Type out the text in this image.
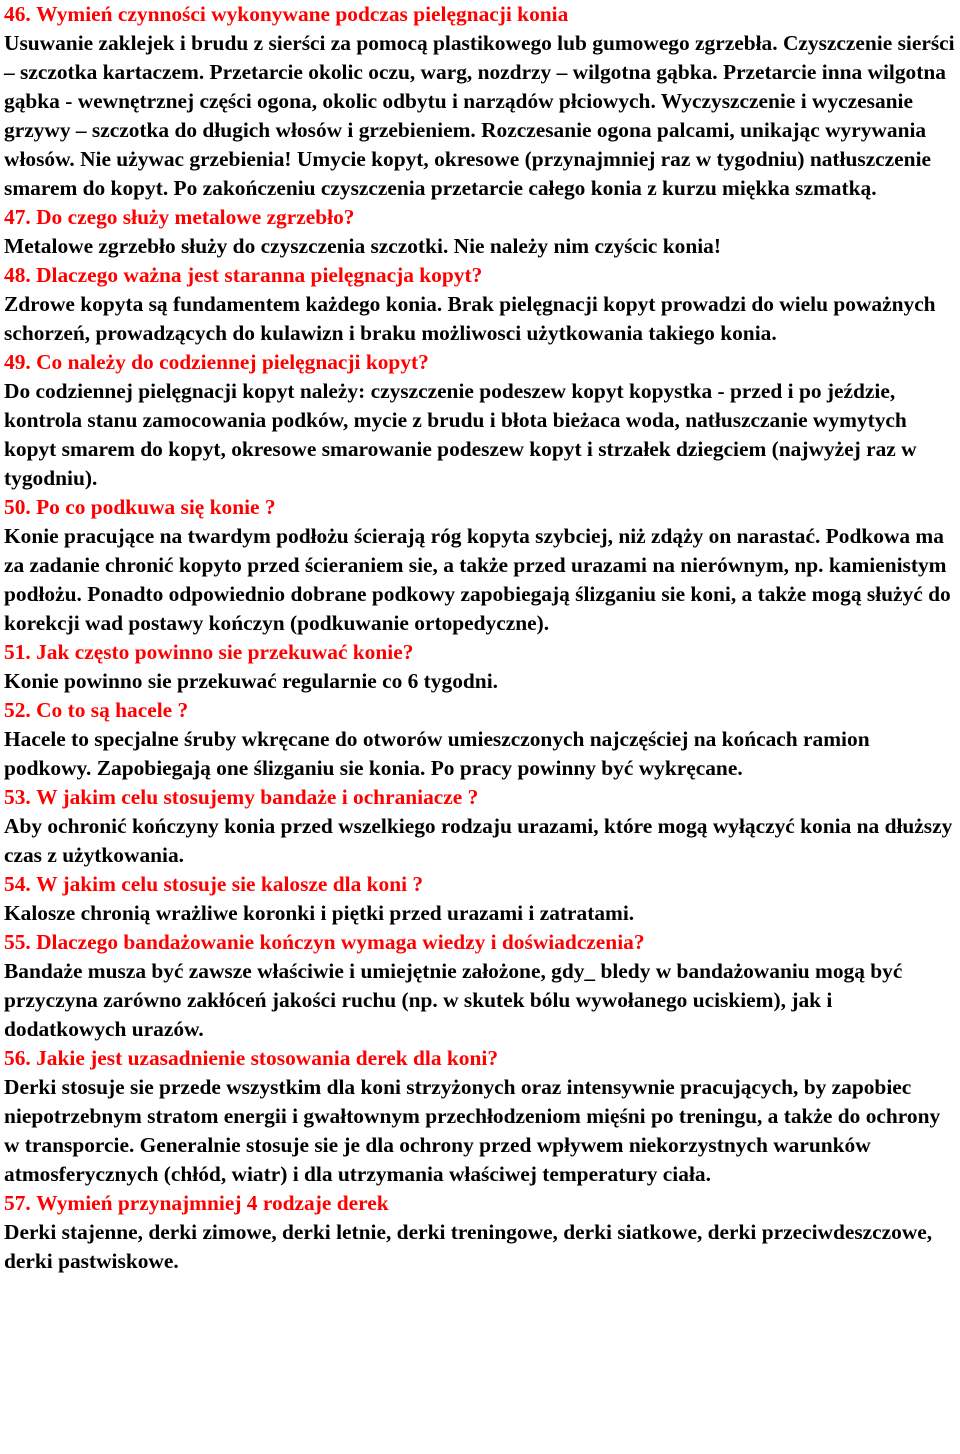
46. Wymień czynności wykonywane podczas pielęgnacji konia
Usuwanie zaklejek i brudu z sierści za pomocą plastikowego lub gumowego zgrzebła. Czyszczenie sierści – szczotka kartaczem. Przetarcie okolic oczu, warg, nozdrzy – wilgotna gąbka. Przetarcie inna wilgotna gąbka - wewnętrznej części ogona, okolic odbytu i narządów płciowych. Wyczyszczenie i wyczesanie grzywy – szczotka do długich włosów i grzebieniem. Rozczesanie ogona palcami, unikając wyrywania włosów. Nie używac grzebienia! Umycie kopyt, okresowe (przynajmniej raz w tygodniu) natłuszczenie smarem do kopyt. Po zakończeniu czyszczenia przetarcie całego konia z kurzu miękka szmatką.
47. Do czego służy metalowe zgrzebło?
Metalowe zgrzebło służy do czyszczenia szczotki. Nie należy nim czyścic konia!
48. Dlaczego ważna jest staranna pielęgnacja kopyt?
Zdrowe kopyta są fundamentem każdego konia. Brak pielęgnacji kopyt prowadzi do wielu poważnych schorzeń, prowadzących do kulawizn i braku możliwosci użytkowania takiego konia.
49. Co należy do codziennej pielęgnacji kopyt?
Do codziennej pielęgnacji kopyt należy: czyszczenie podeszew kopyt kopystka - przed i po jeździe, kontrola stanu zamocowania podków, mycie z brudu i błota bieżaca woda, natłuszczanie wymytych kopyt smarem do kopyt, okresowe smarowanie podeszew kopyt i strzałek dziegciem (najwyżej raz w tygodniu).
50. Po co podkuwa się konie ?
Konie pracujące na twardym podłożu ścierają róg kopyta szybciej, niż zdąży on narastać. Podkowa ma za zadanie chronić kopyto przed ścieraniem sie, a także przed urazami na nierównym, np. kamienistym podłożu. Ponadto odpowiednio dobrane podkowy zapobiegają ślizganiu sie koni, a także mogą służyć do korekcji wad postawy kończyn (podkuwanie ortopedyczne).
51. Jak często powinno sie przekuwać konie?
Konie powinno sie przekuwać regularnie co 6 tygodni.
52. Co to są hacele ?
Hacele to specjalne śruby wkręcane do otworów umieszczonych najczęściej na końcach ramion podkowy. Zapobiegają one ślizganiu sie konia. Po pracy powinny być wykręcane.
53. W jakim celu stosujemy bandaże i ochraniacze ?
Aby ochronić kończyny konia przed wszelkiego rodzaju urazami, które mogą wyłączyć konia na dłuższy czas z użytkowania.
54. W jakim celu stosuje sie kalosze dla koni ?
Kalosze chronią wrażliwe koronki i piętki przed urazami i zatratami.
55. Dlaczego bandażowanie kończyn wymaga wiedzy i doświadczenia?
Bandaże musza być zawsze właściwie i umiejętnie założone, gdy_ bledy w bandażowaniu mogą być przyczyna zarówno zakłóceń jakości ruchu (np. w skutek bólu wywołanego uciskiem), jak i dodatkowych urazów.
56. Jakie jest uzasadnienie stosowania derek dla koni?
Derki stosuje sie przede wszystkim dla koni strzyżonych oraz intensywnie pracujących, by zapobiec niepotrzebnym stratom energii i gwałtownym przechłodzeniom mięśni po treningu, a także do ochrony w transporcie. Generalnie stosuje sie je dla ochrony przed wpływem niekorzystnych warunków atmosferycznych (chłód, wiatr) i dla utrzymania właściwej temperatury ciała.
57. Wymień przynajmniej 4 rodzaje derek
Derki stajenne, derki zimowe, derki letnie, derki treningowe, derki siatkowe, derki przeciwdeszczowe, derki pastwiskowe.
